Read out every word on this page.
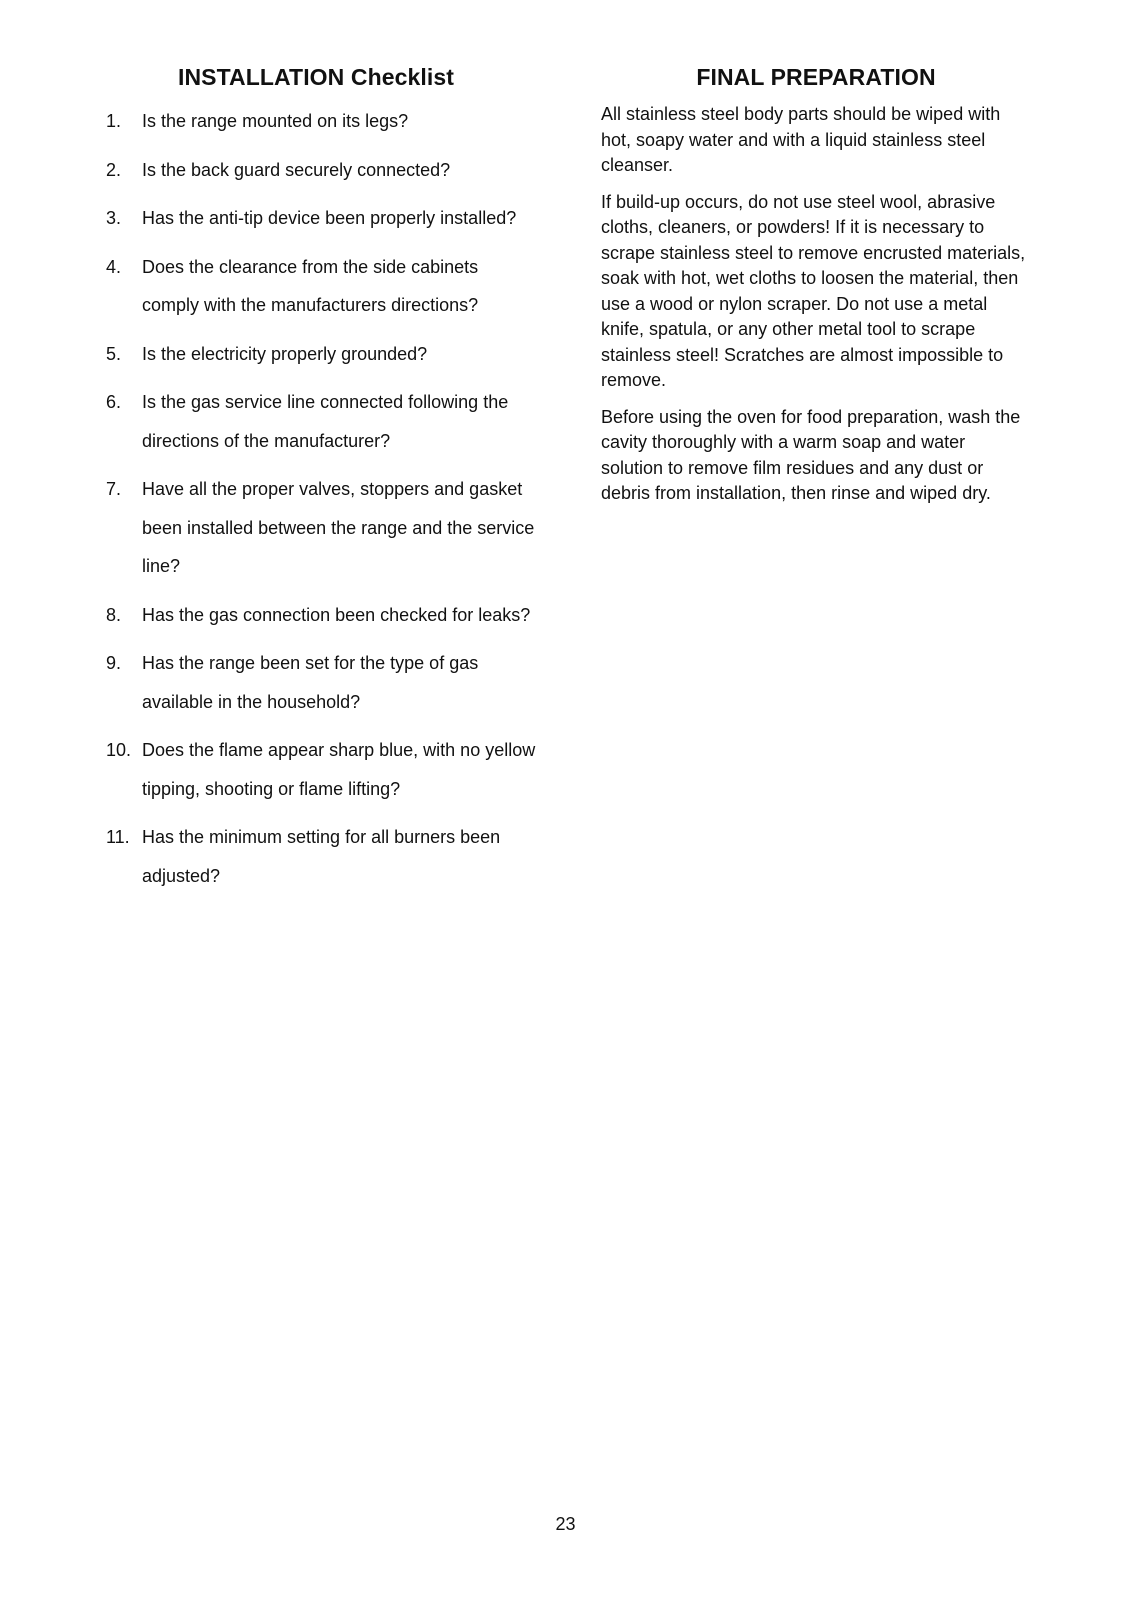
INSTALLATION Checklist
1.	Is the range mounted on its legs?
2.	Is the back guard securely connected?
3.	Has the anti-tip device been properly installed?
4.	Does the clearance from the side cabinets comply with the manufacturers directions?
5.	Is the electricity properly grounded?
6.	Is the gas service line connected following the directions of the manufacturer?
7.	Have all the proper valves, stoppers and gasket been installed between the range and the service line?
8.	Has the gas connection been checked for leaks?
9.	Has the range been set for the type of gas available in the household?
10. Does the flame appear sharp blue, with no yellow tipping, shooting or flame lifting?
11. Has the minimum setting for all burners been adjusted?
FINAL PREPARATION

All stainless steel body parts should be wiped with hot, soapy water and with a liquid stainless steel cleanser.

If build-up occurs, do not use steel wool, abrasive cloths, cleaners, or powders! If it is necessary to scrape stainless steel to remove encrusted materials, soak with hot, wet cloths to loosen the material, then use a wood or nylon scraper. Do not use a metal knife, spatula, or any other metal tool to scrape stainless steel! Scratches are almost impossible to remove.

Before using the oven for food preparation, wash the cavity thoroughly with a warm soap and water solution to remove film residues and any dust or debris from installation, then rinse and wiped dry.

23
